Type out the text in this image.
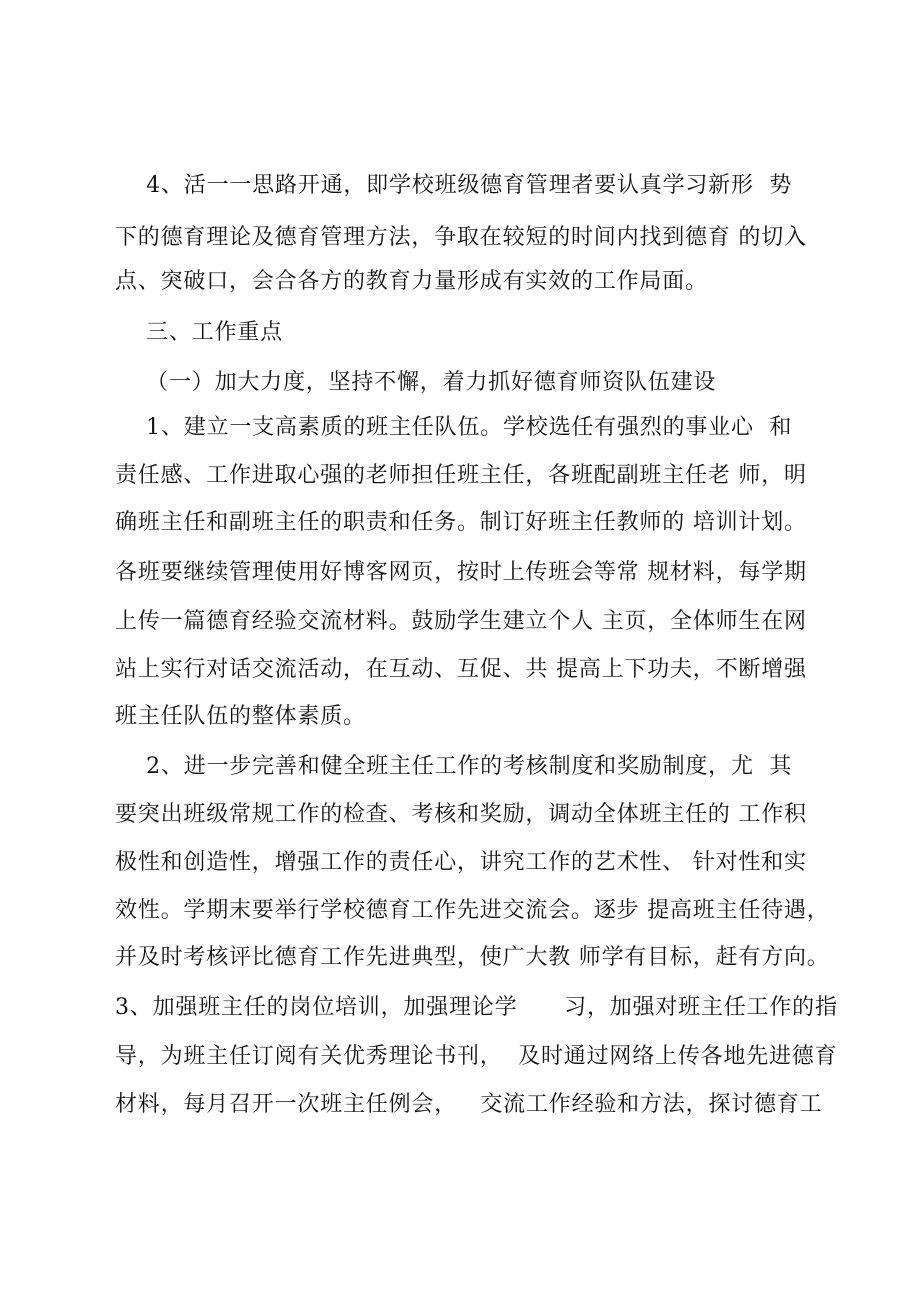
4、活一一思路开通，即学校班级德育管理者要认真学习新形  势

下的德育理论及德育管理方法，争取在较短的时间内找到德育 的切入

点、突破口，会合各方的教育力量形成有实效的工作局面。

三、工作重点

（一）加大力度，坚持不懈，着力抓好德育师资队伍建设

1、建立一支高素质的班主任队伍。学校选任有强烈的事业心  和

责任感、工作进取心强的老师担任班主任，各班配副班主任老 师，明

确班主任和副班主任的职责和任务。制订好班主任教师的 培训计划。

各班要继续管理使用好博客网页，按时上传班会等常 规材料，每学期

上传一篇德育经验交流材料。鼓励学生建立个人 主页，全体师生在网

站上实行对话交流活动，在互动、互促、共 提高上下功夫，不断增强

班主任队伍的整体素质。

2、进一步完善和健全班主任工作的考核制度和奖励制度，尤  其

要突出班级常规工作的检查、考核和奖励，调动全体班主任的 工作积

极性和创造性，增强工作的责任心，讲究工作的艺术性、 针对性和实

效性。学期末要举行学校德育工作先进交流会。逐步 提高班主任待遇，

并及时考核评比德育工作先进典型，使广大教 师学有目标，赶有方向。

3、加强班主任的岗位培训，加强理论学      习，加强对班主任工作的指

导，为班主任订阅有关优秀理论书刊，  及时通过网络上传各地先进德育

材料，每月召开一次班主任例会，   交流工作经验和方法，探讨德育工
